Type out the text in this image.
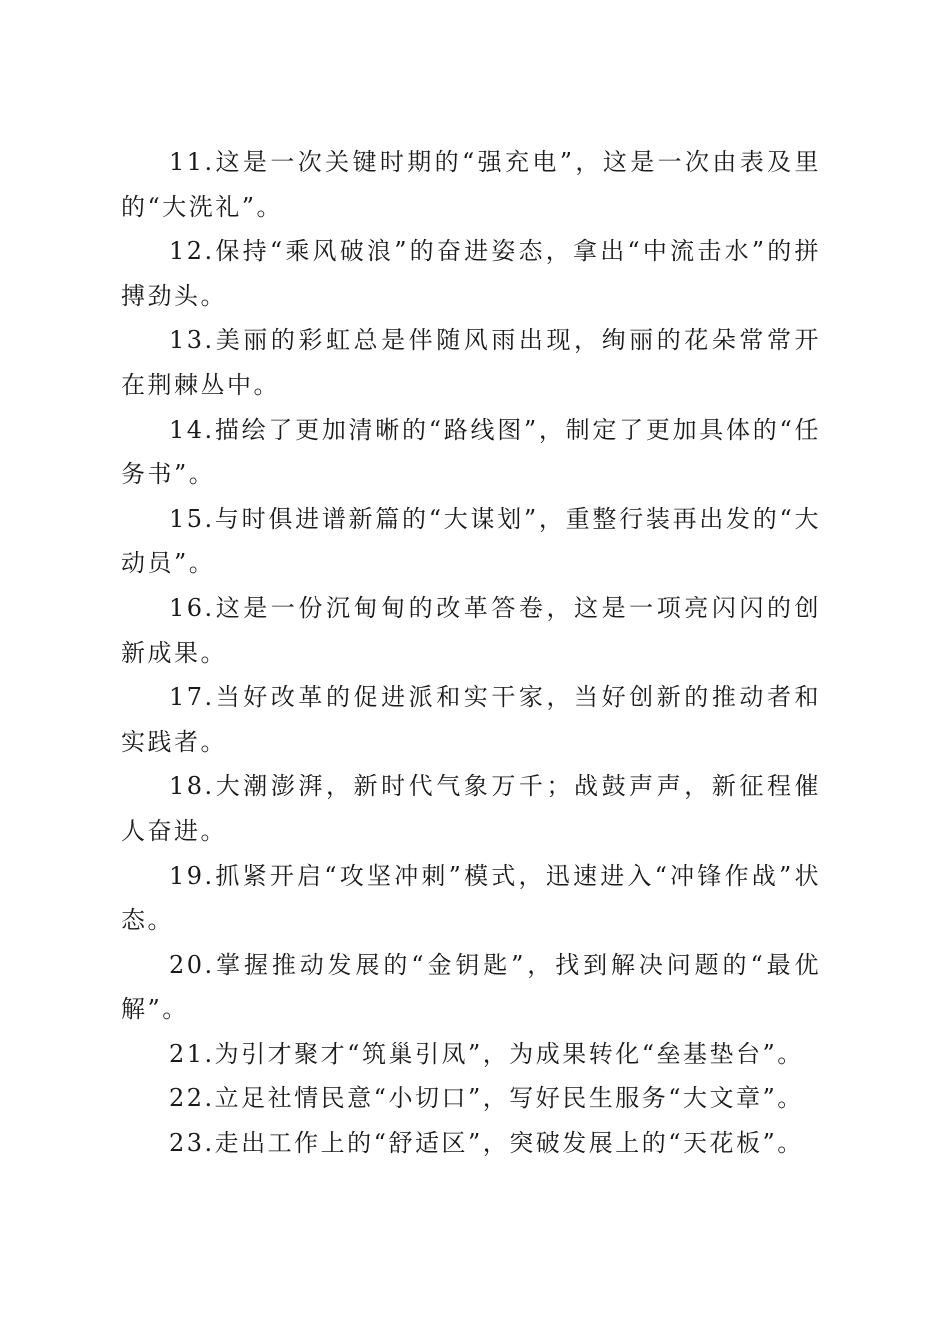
11.这是一次关键时期的“强充电”，这是一次由表及里的“大洗礼”。

12.保持“乘风破浪”的奋进姿态，拿出“中流击水”的拼搏劲头。

13.美丽的彩虹总是伴随风雨出现，绚丽的花朵常常开在荆棘丛中。

14.描绘了更加清晰的“路线图”，制定了更加具体的“任务书”。

15.与时俱进谱新篇的“大谋划”，重整行装再出发的“大动员”。

16.这是一份沉甸甸的改革答卷，这是一项亮闪闪的创新成果。

17.当好改革的促进派和实干家，当好创新的推动者和实践者。

18.大潮澎湃，新时代气象万千；战鼓声声，新征程催人奋进。

19.抓紧开启“攻坚冲刺”模式，迅速进入“冲锋作战”状态。

20.掌握推动发展的“金钥匙”，找到解决问题的“最优解”。

21.为引才聚才“筑巢引凤”，为成果转化“垒基垫台”。

22.立足社情民意“小切口”，写好民生服务“大文章”。

23.走出工作上的“舒适区”，突破发展上的“天花板”。
